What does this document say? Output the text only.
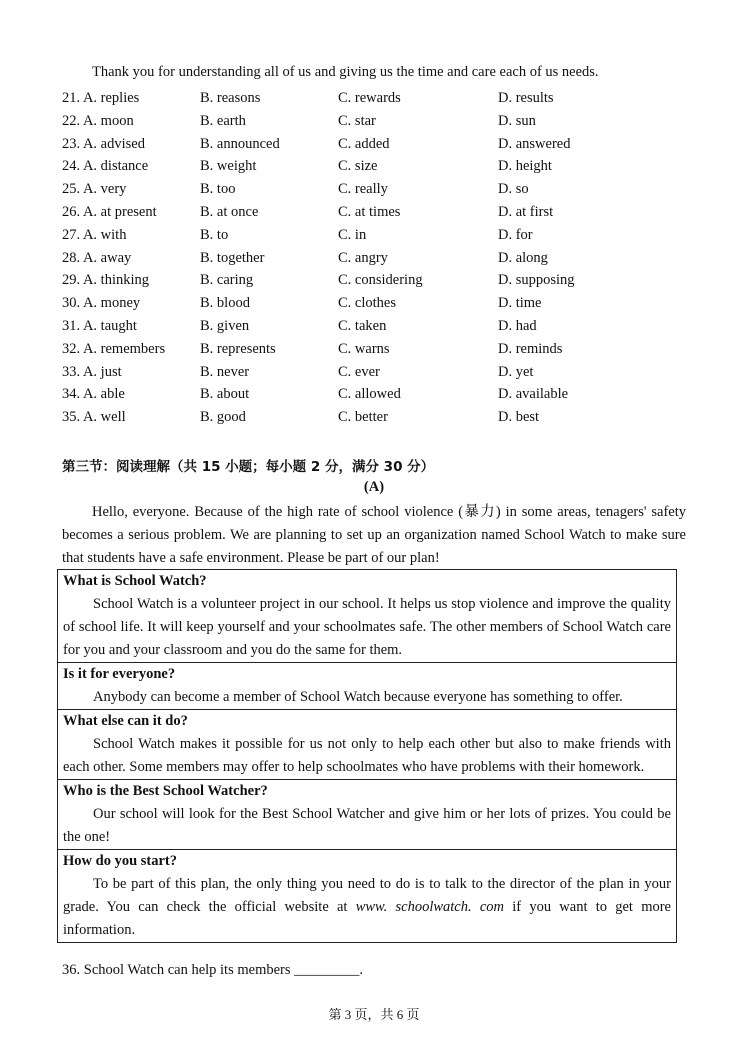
Thank you for understanding all of us and giving us the time and care each of us needs.
21. A. replies	B. reasons	C. rewards	D. results
22. A. moon	B. earth	C. star	D. sun
23. A. advised	B. announced	C. added	D. answered
24. A. distance	B. weight	C. size	D. height
25. A. very	B. too	C. really	D. so
26. A. at present	B. at once	C. at times	D. at first
27. A. with	B. to	C. in	D. for
28. A. away	B. together	C. angry	D. along
29. A. thinking	B. caring	C. considering	D. supposing
30. A. money	B. blood	C. clothes	D. time
31. A. taught	B. given	C. taken	D. had
32. A. remembers B. represents	C. warns	D. reminds
33. A. just	B. never	C. ever	D. yet
34. A. able	B. about	C. allowed	D. available
35. A. well	B. good	C. better	D. best
第三节：阅读理解（共 15 小题；每小题 2 分，满分 30 分）
(A)

Hello, everyone. Because of the high rate of school violence (暴力) in some areas, tenagers' safety becomes a serious problem. We are planning to set up an organization named School Watch to make sure that students have a safe environment. Please be part of our plan!

What is School Watch?
School Watch is a volunteer project in our school. It helps us stop violence and improve the quality of school life. It will keep yourself and your schoolmates safe. The other members of School Watch care for you and your classroom and you do the same for them.
Is it for everyone?
Anybody can become a member of School Watch because everyone has something to offer.
What else can it do?
School Watch makes it possible for us not only to help each other but also to make friends with each other. Some members may offer to help schoolmates who have problems with their homework.
Who is the Best School Watcher?
Our school will look for the Best School Watcher and give him or her lots of prizes. You could be the one!
How do you start?
To be part of this plan, the only thing you need to do is to talk to the director of the plan in your grade. You can check the official website at www. schoolwatch. com if you want to get more information.
36. School Watch can help its members _________.
第 3 页，共 6 页
